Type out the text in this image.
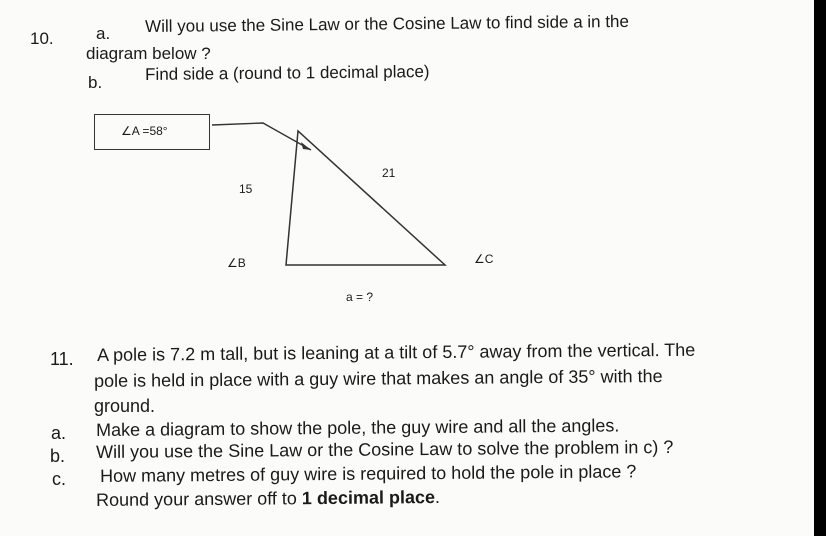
10. a. Will you use the Sine Law or the Cosine Law to find side a in the
diagram below ?
b.	Find side a (round to 1 decimal place)
∠A =58°
15
21
∠B	∠C
a = ?
11. A pole is 7.2 m tall, but is leaning at a tilt of 5.7° away from the vertical. The
pole is held in place with a guy wire that makes an angle of 35° with the
ground.
a. Make a diagram to show the pole, the guy wire and all the angles.
b. Will you use the Sine Law or the Cosine Law to solve the problem in c) ?
c. How many metres of guy wire is required to hold the pole in place ?
Round your answer off to 1 decimal place.
